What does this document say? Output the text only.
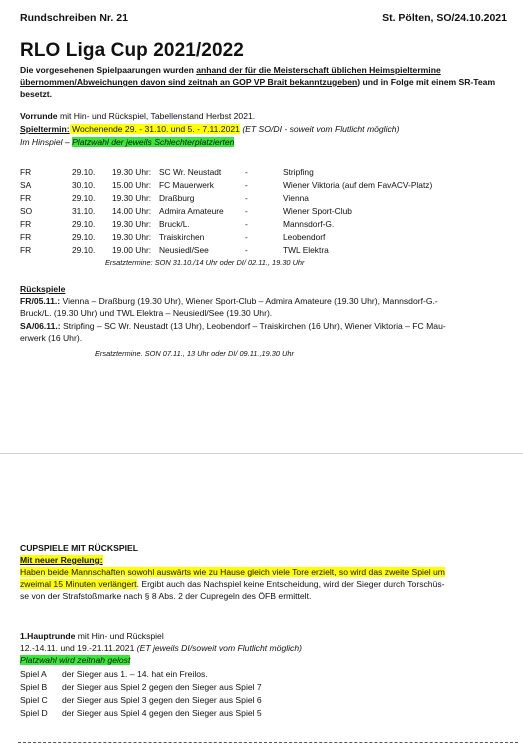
Rundschreiben Nr. 21	St. Pölten, SO/24.10.2021
RLO Liga Cup 2021/2022
Die vorgesehenen Spielpaarungen wurden anhand der für die Meisterschaft üblichen Heimspieltermine übernommen/Abweichungen davon sind zeitnah an GOP VP Brait bekanntzugeben) und in Folge mit einem SR-Team besetzt.
Vorrunde mit Hin- und Rückspiel, Tabellenstand Herbst 2021.
Spieltermin: Wochenende 29. - 31.10. und 5. - 7.11.2021 (ET SO/DI - soweit vom Flutlicht möglich)
Im Hinspiel – Platzwahl der jeweils Schlechterplatzierten
FR	29.10. 19.30 Uhr: SC Wr. Neustadt	-	Stripfing
SA	30.10. 15.00 Uhr: FC Mauerwerk	-	Wiener Viktoria (auf dem FavACV-Platz)
FR	29.10. 19.30 Uhr: Draßburg	-	Vienna
SO	31.10. 14.00 Uhr: Admira Amateure	-	Wiener Sport-Club
FR	29.10. 19.30 Uhr: Bruck/L.	-	Mannsdorf-G.
FR	29.10. 19.30 Uhr: Traiskirchen	-	Leobendorf
FR	29.10. 19.00 Uhr: Neusiedl/See	-	TWL Elektra
Ersatztermine: SON 31.10./14 Uhr oder DI/ 02.11., 19.30 Uhr
Rückspiele
FR/05.11.: Vienna – Draßburg (19.30 Uhr), Wiener Sport-Club – Admira Amateure (19.30 Uhr), Mannsdorf-G.-
Bruck/L. (19.30 Uhr) und TWL Elektra – Neusiedl/See (19.30 Uhr).
SA/06.11.: Stripfing – SC Wr. Neustadt (13 Uhr), Leobendorf – Traiskirchen (16 Uhr), Wiener Viktoria – FC Mau-
erwerk (16 Uhr).
Ersatztermine. SON 07.11., 13 Uhr oder DI/ 09.11.,19.30 Uhr
CUPSPIELE MIT RÜCKSPIEL
Mit neuer Regelung:
Haben beide Mannschaften sowohl auswärts wie zu Hause gleich viele Tore erzielt, so wird das zweite Spiel um
zweimal 15 Minuten verlängert. Ergibt auch das Nachspiel keine Entscheidung, wird der Sieger durch Torschüs-
se von der Strafstoßmarke nach § 8 Abs. 2 der Cupregeln des ÖFB ermittelt.
1.Hauptrunde mit Hin- und Rückspiel
12.-14.11. und 19.-21.11.2021 (ET jeweils DI/soweit vom Flutlicht möglich)
Platzwahl wird zeitnah gelost
Spiel A der Sieger aus 1. – 14. hat ein Freilos.
Spiel B der Sieger aus Spiel 2 gegen den Sieger aus Spiel 7
Spiel C der Sieger aus Spiel 3 gegen den Sieger aus Spiel 6
Spiel D der Sieger aus Spiel 4 gegen den Sieger aus Spiel 5
